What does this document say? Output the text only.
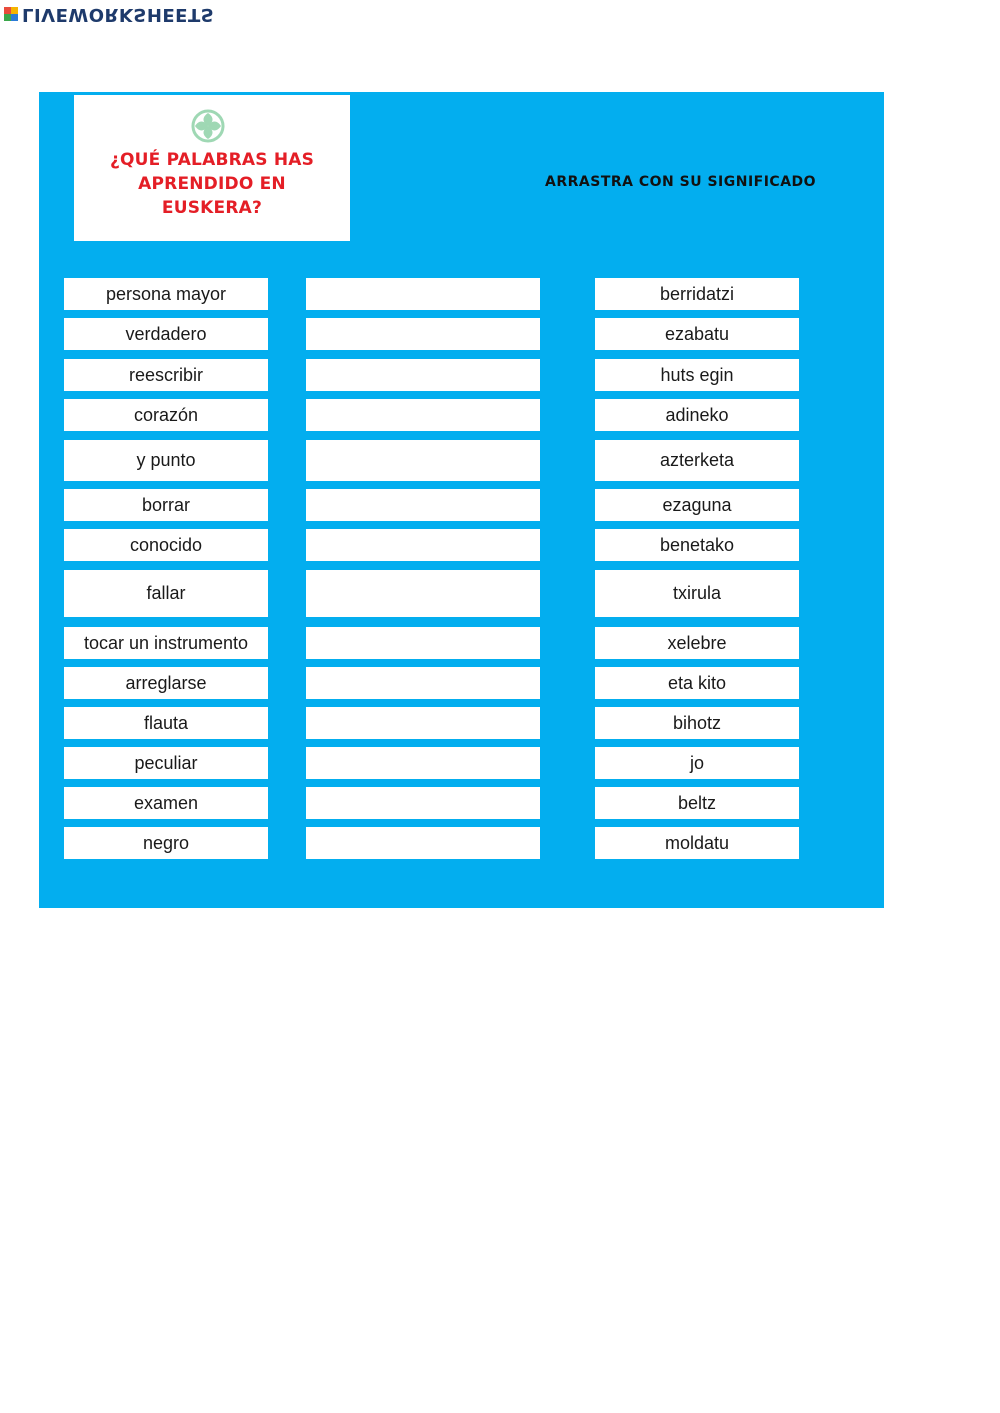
LIVEWORKSHEETS
¿QUÉ PALABRAS HAS
APRENDIDO EN
EUSKERA?
ARRASTRA CON SU SIGNIFICADO
persona mayor	berridatzi
verdadero	ezabatu
reescribir	huts egin
corazón	adineko
y punto	azterketa
borrar	ezaguna
conocido	benetako
fallar	txirula
tocar un instrumento	xelebre
arreglarse	eta kito
flauta	bihotz
peculiar	jo
examen	beltz
negro	moldatu
